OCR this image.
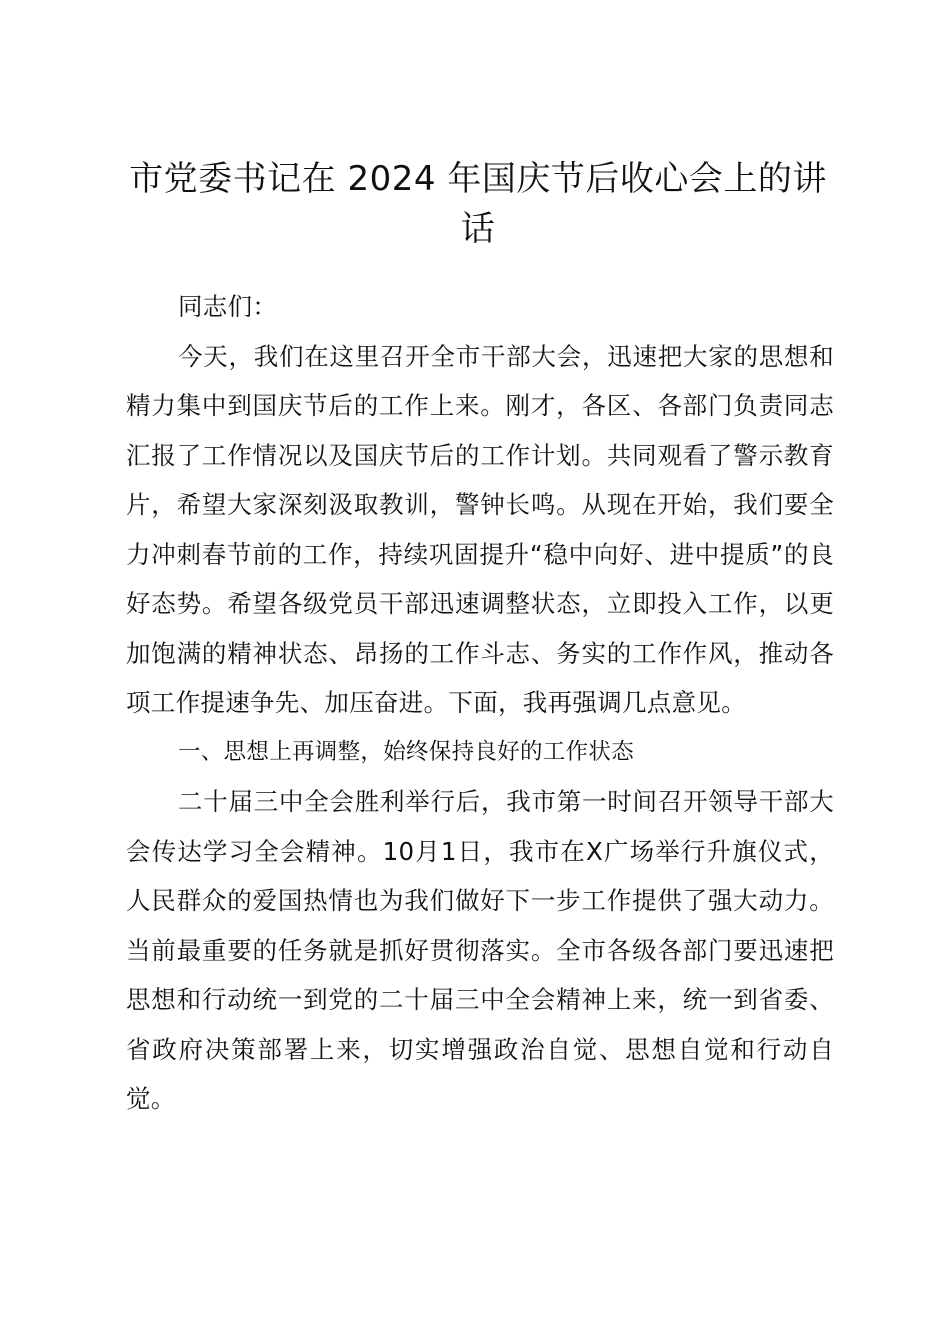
市党委书记在 2024 年国庆节后收心会上的讲话

同志们：

今天，我们在这里召开全市干部大会，迅速把大家的思想和精力集中到国庆节后的工作上来。刚才，各区、各部门负责同志汇报了工作情况以及国庆节后的工作计划。共同观看了警示教育片，希望大家深刻汲取教训，警钟长鸣。从现在开始，我们要全力冲刺春节前的工作，持续巩固提升“稳中向好、进中提质”的良好态势。希望各级党员干部迅速调整状态，立即投入工作，以更加饱满的精神状态、昂扬的工作斗志、务实的工作作风，推动各项工作提速争先、加压奋进。下面，我再强调几点意见。

一、思想上再调整，始终保持良好的工作状态

二十届三中全会胜利举行后，我市第一时间召开领导干部大会传达学习全会精神。10月1日，我市在X广场举行升旗仪式，人民群众的爱国热情也为我们做好下一步工作提供了强大动力。当前最重要的任务就是抓好贯彻落实。全市各级各部门要迅速把思想和行动统一到党的二十届三中全会精神上来，统一到省委、省政府决策部署上来，切实增强政治自觉、思想自觉和行动自觉。
